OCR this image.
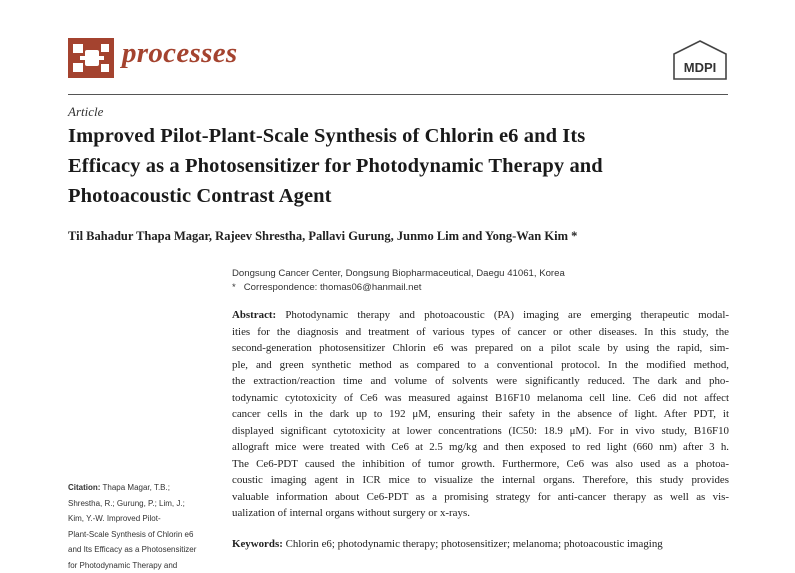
processes	MDPI
Article
Improved Pilot-Plant-Scale Synthesis of Chlorin e6 and Its
Efficacy as a Photosensitizer for Photodynamic Therapy and
Photoacoustic Contrast Agent
Til Bahadur Thapa Magar, Rajeev Shrestha, Pallavi Gurung, Junmo Lim and Yong-Wan Kim *
Dongsung Cancer Center, Dongsung Biopharmaceutical, Daegu 41061, Korea
* Correspondence: thomas06@hanmail.net
Abstract: Photodynamic therapy and photoacoustic (PA) imaging are emerging therapeutic modal-
ities for the diagnosis and treatment of various types of cancer or other diseases. In this study, the
second-generation photosensitizer Chlorin e6 was prepared on a pilot scale by using the rapid, sim-
ple, and green synthetic method as compared to a conventional protocol. In the modified method,
the extraction/reaction time and volume of solvents were significantly reduced. The dark and pho-
todynamic cytotoxicity of Ce6 was measured against B16F10 melanoma cell line. Ce6 did not affect
cancer cells in the dark up to 192 μM, ensuring their safety in the absence of light. After PDT, it
displayed significant cytotoxicity at lower concentrations (IC50: 18.9 μM). For in vivo study, B16F10
allograft mice were treated with Ce6 at 2.5 mg/kg and then exposed to red light (660 nm) after 3 h.
The Ce6-PDT caused the inhibition of tumor growth. Furthermore, Ce6 was also used as a photoa-
coustic imaging agent in ICR mice to visualize the internal organs. Therefore, this study provides
valuable information about Ce6-PDT as a promising strategy for anti-cancer therapy as well as vis-
ualization of internal organs without surgery or x-rays.
Keywords: Chlorin e6; photodynamic therapy; photosensitizer; melanoma; photoacoustic imaging
Citation: Thapa Magar, T.B.;
Shrestha, R.; Gurung, P.; Lim, J.;
Kim, Y.-W. Improved Pilot-
Plant-Scale Synthesis of Chlorin e6
and Its Efficacy as a Photosensitizer
for Photodynamic Therapy and
